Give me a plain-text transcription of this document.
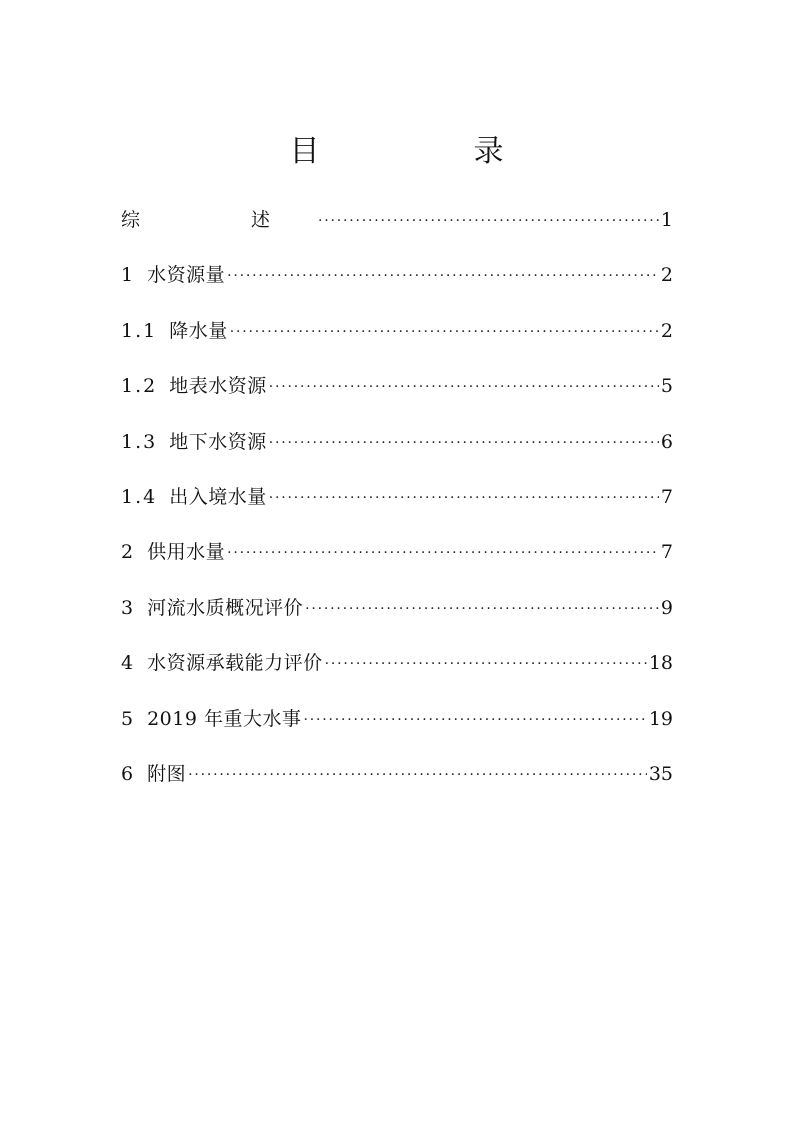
目　录
综　述 ·····	1
1 水资源量 ·····	2
1.1 降水量 ·····	2
1.2 地表水资源 ·····	5
1.3 地下水资源 ·····	6
1.4 出入境水量 ·····	7
2 供用水量 ·····	7
3 河流水质概况评价 ·····	9
4 水资源承载能力评价 ·····	18
5 2019 年重大水事 ·····	19
6 附图 ·····	35
